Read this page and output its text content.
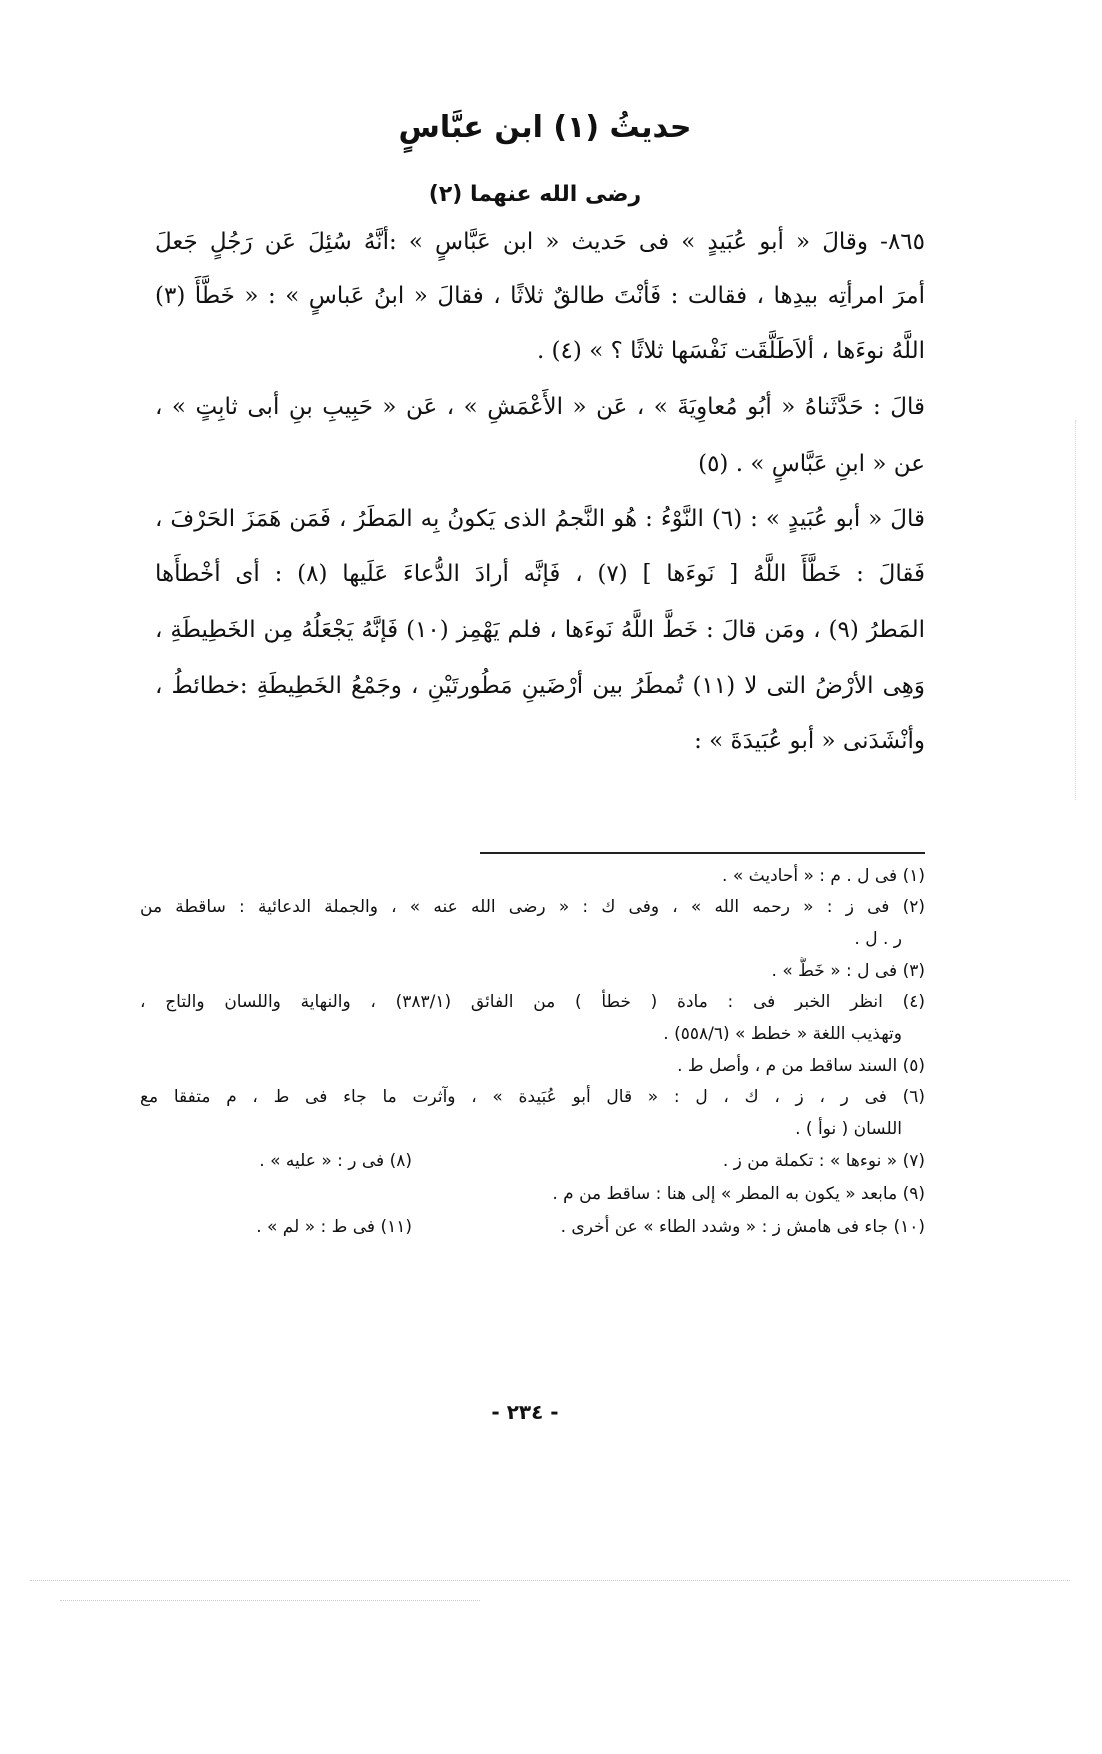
حديثُ (١) ابن عبَّاسٍ
رضى الله عنهما (٢)
٨٦٥- وقالَ « أبو عُبَيدٍ » فى حَديث « ابن عَبَّاسٍ » :أنَّهُ سُئِلَ عَن رَجُلٍ جَعلَ
أمرَ امرأتِه بيدِها ، فقالت : فَأنْتَ طالقٌ ثلاثًا ، فقالَ « ابنُ عَباسٍ » : « خَطَّأَ (٣)
اللَّهُ نوءَها ، ألاَطَلَّقَت نَفْسَها ثلاثًا ؟ » (٤) .
قالَ : حَدَّثَناهُ « أبُو مُعاوِيَةَ » ، عَن « الأَعْمَشِ » ، عَن « حَبِيبِ بنِ أبى ثابِتٍ » ،
عن « ابنِ عَبَّاسٍ » . (٥)
قالَ « أبو عُبَيدٍ » : (٦) النَّوْءُ : هُو النَّجمُ الذى يَكونُ بِه المَطَرُ ، فَمَن هَمَزَ الحَرْفَ ،
فَقالَ : خَطَّأَ اللَّهُ [ نَوءَها ] (٧) ، فَإنَّه أرادَ الدُّعاءَ عَلَيها (٨) : أى أخْطأَها
المَطرُ (٩) ، ومَن قالَ : خَطَّ اللَّهُ نَوءَها ، فلم يَهْمِز (١٠) فَإنَّهُ يَجْعَلُهُ مِن الخَطِيطَةِ ،
وَهِى الأرْضُ التى لا (١١) تُمطَرُ بين أرْضَينِ مَطُورتَيْنِ ، وجَمْعُ الخَطِيطَةِ :خطائطُ ،
وأنْشَدَنى « أبو عُبَيدَةَ » :
(١) فى ل . م : « أحاديث » .
(٢) فى ز : « رحمه الله » ، وفى ك : « رضى الله عنه » ، والجملة الدعائية : ساقطة من
ر . ل .
(٣) فى ل : « خَطَّ » .
(٤) انظر الخبر فى : مادة ( خطأ ) من الفائق (٣٨٣/١) ، والنهاية واللسان والتاج ،
وتهذيب اللغة « خطط » (٥٥٨/٦) .
(٥) السند ساقط من م ، وأصل ط .
(٦) فى ر ، ز ، ك ، ل : « قال أبو عُبَيدة » ، وآثرت ما جاء فى ط ، م متفقا مع
اللسان ( نوأ ) .
(٧) « نوءها » : تكملة من ز .
(٨) فى ر : « عليه » .
(٩) مابعد « يكون به المطر » إلى هنا : ساقط من م .
(١٠) جاء فى هامش ز : « وشدد الطاء » عن أخرى .
(١١) فى ط : « لم » .
- ٢٣٤ -
